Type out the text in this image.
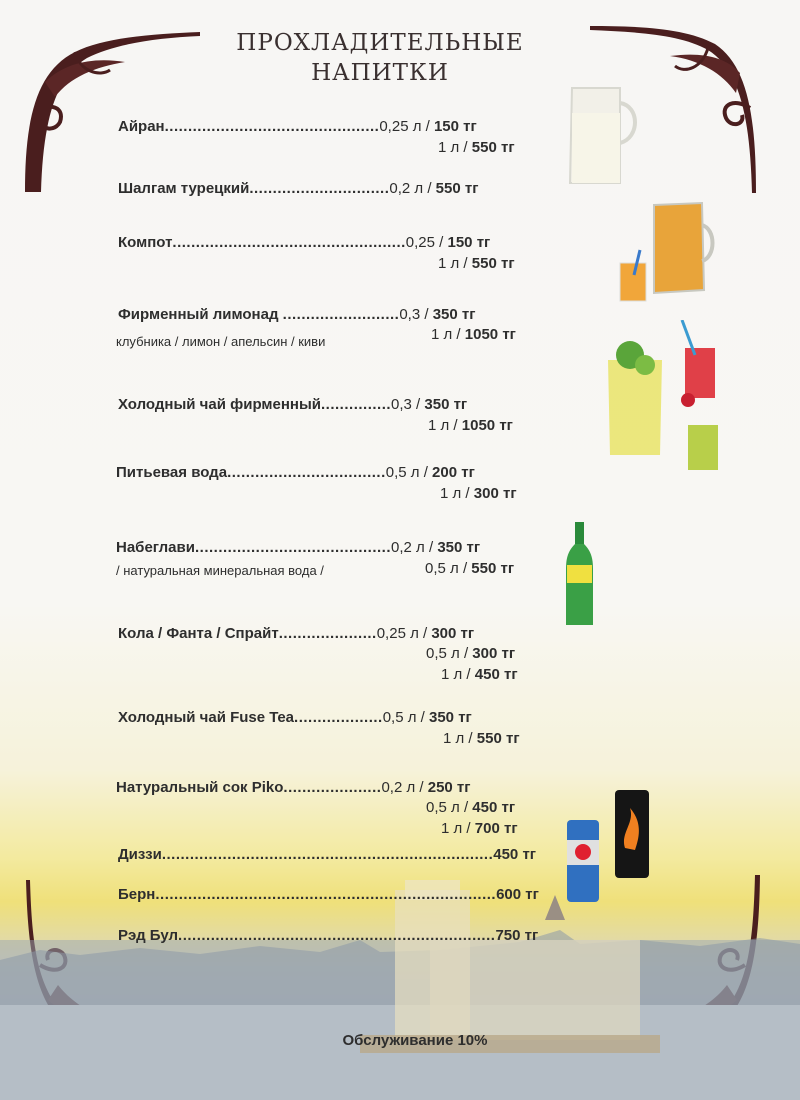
ПРОХЛАДИТЕЛЬНЫЕ
НАПИТКИ
Айран..............................................0,25 л / 150 тг
1 л / 550 тг
Шалгам турецкий..............................0,2 л / 550 тг
Компот..................................................0,25 / 150 тг
1 л / 550 тг
Фирменный лимонад .........................0,3 / 350 тг
клубника / лимон / апельсин / киви	1 л / 1050 тг
Холодный чай фирменный...............0,3 / 350 тг
1 л / 1050 тг
Питьевая вода..................................0,5 л / 200 тг
1 л / 300 тг
Набеглави..........................................0,2 л / 350 тг
/ натуральная минеральная вода /	0,5 л / 550 тг
Кола / Фанта / Спрайт.....................0,25 л / 300 тг
0,5 л / 300 тг
1 л / 450 тг
Холодный чай Fuse Tea...................0,5 л / 350 тг
1 л / 550 тг
Натуральный сок Piko.....................0,2 л / 250 тг
0,5 л / 450 тг
1 л / 700 тг
Диззи.......................................................................450 тг
Берн.........................................................................600 тг
Рэд Бул....................................................................750 тг
Обслуживание 10%
